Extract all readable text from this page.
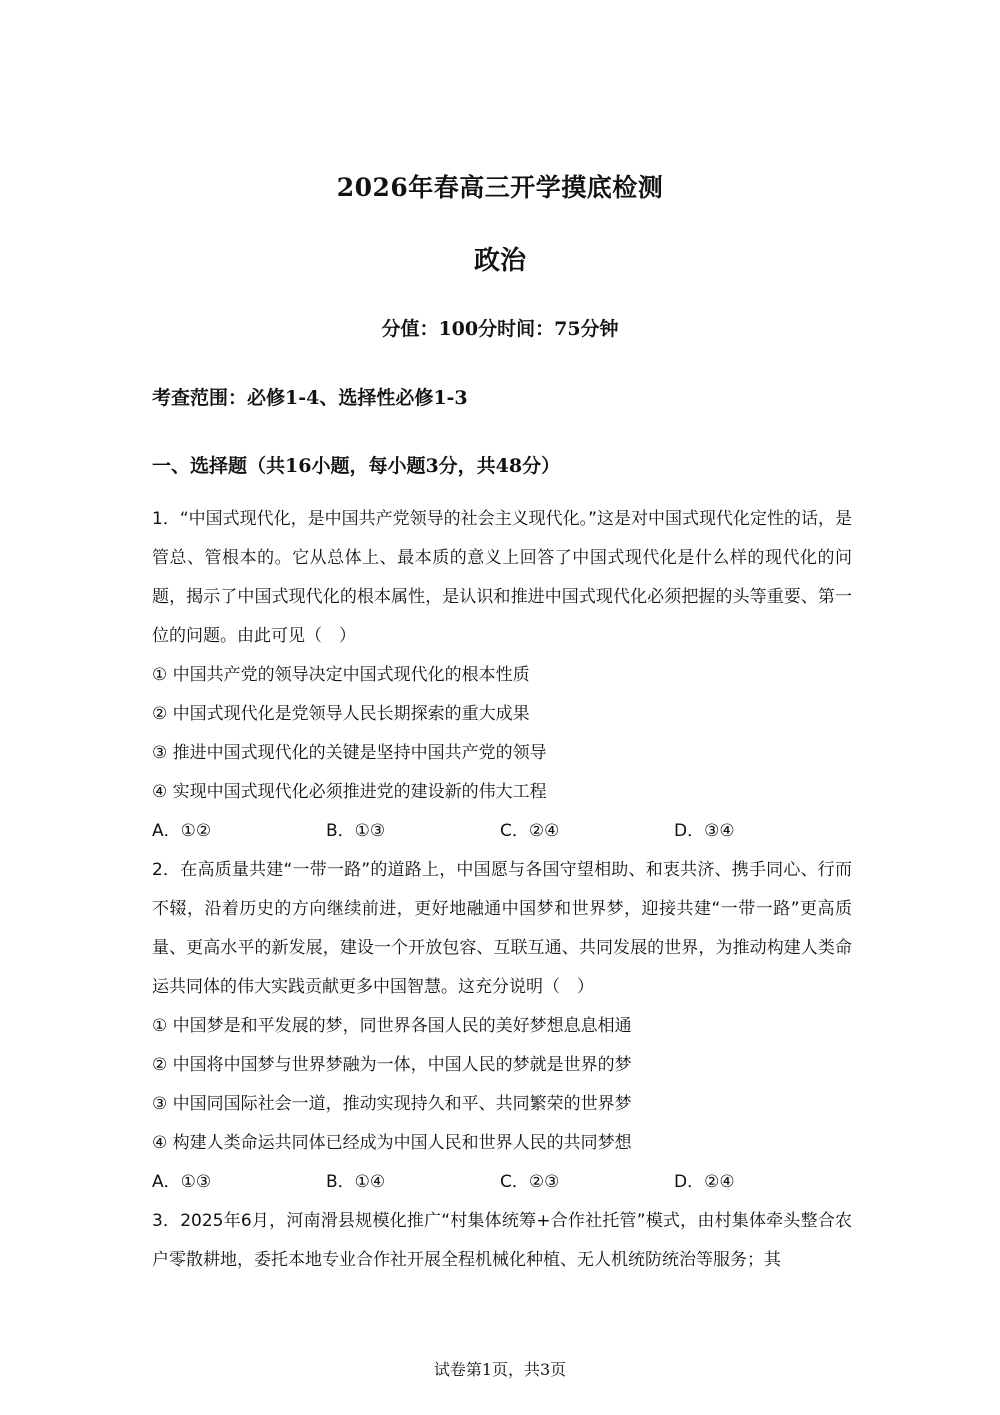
2026年春高三开学摸底检测
政治
分值：100分时间：75分钟
考查范围：必修1-4、选择性必修1-3
一、选择题（共16小题，每小题3分，共48分）

1．“中国式现代化，是中国共产党领导的社会主义现代化。”这是对中国式现代化定性的话，是管总、管根本的。它从总体上、最本质的意义上回答了中国式现代化是什么样的现代化的问题，揭示了中国式现代化的根本属性，是认识和推进中国式现代化必须把握的头等重要、第一位的问题。由此可见（　）

① 中国共产党的领导决定中国式现代化的根本性质

② 中国式现代化是党领导人民长期探索的重大成果

③ 推进中国式现代化的关键是坚持中国共产党的领导

④ 实现中国式现代化必须推进党的建设新的伟大工程

A．①②	B．①③	C．②④	D．③④

2．在高质量共建“一带一路”的道路上，中国愿与各国守望相助、和衷共济、携手同心、行而不辍，沿着历史的方向继续前进，更好地融通中国梦和世界梦，迎接共建“一带一路”更高质量、更高水平的新发展，建设一个开放包容、互联互通、共同发展的世界，为推动构建人类命运共同体的伟大实践贡献更多中国智慧。这充分说明（　）

① 中国梦是和平发展的梦，同世界各国人民的美好梦想息息相通

② 中国将中国梦与世界梦融为一体，中国人民的梦就是世界的梦

③ 中国同国际社会一道，推动实现持久和平、共同繁荣的世界梦

④ 构建人类命运共同体已经成为中国人民和世界人民的共同梦想

A．①③	B．①④	C．②③	D．②④

3．2025年6月，河南滑县规模化推广“村集体统筹+合作社托管”模式，由村集体牵头整合农户零散耕地，委托本地专业合作社开展全程机械化种植、无人机统防统治等服务；其

试卷第1页，共3页
